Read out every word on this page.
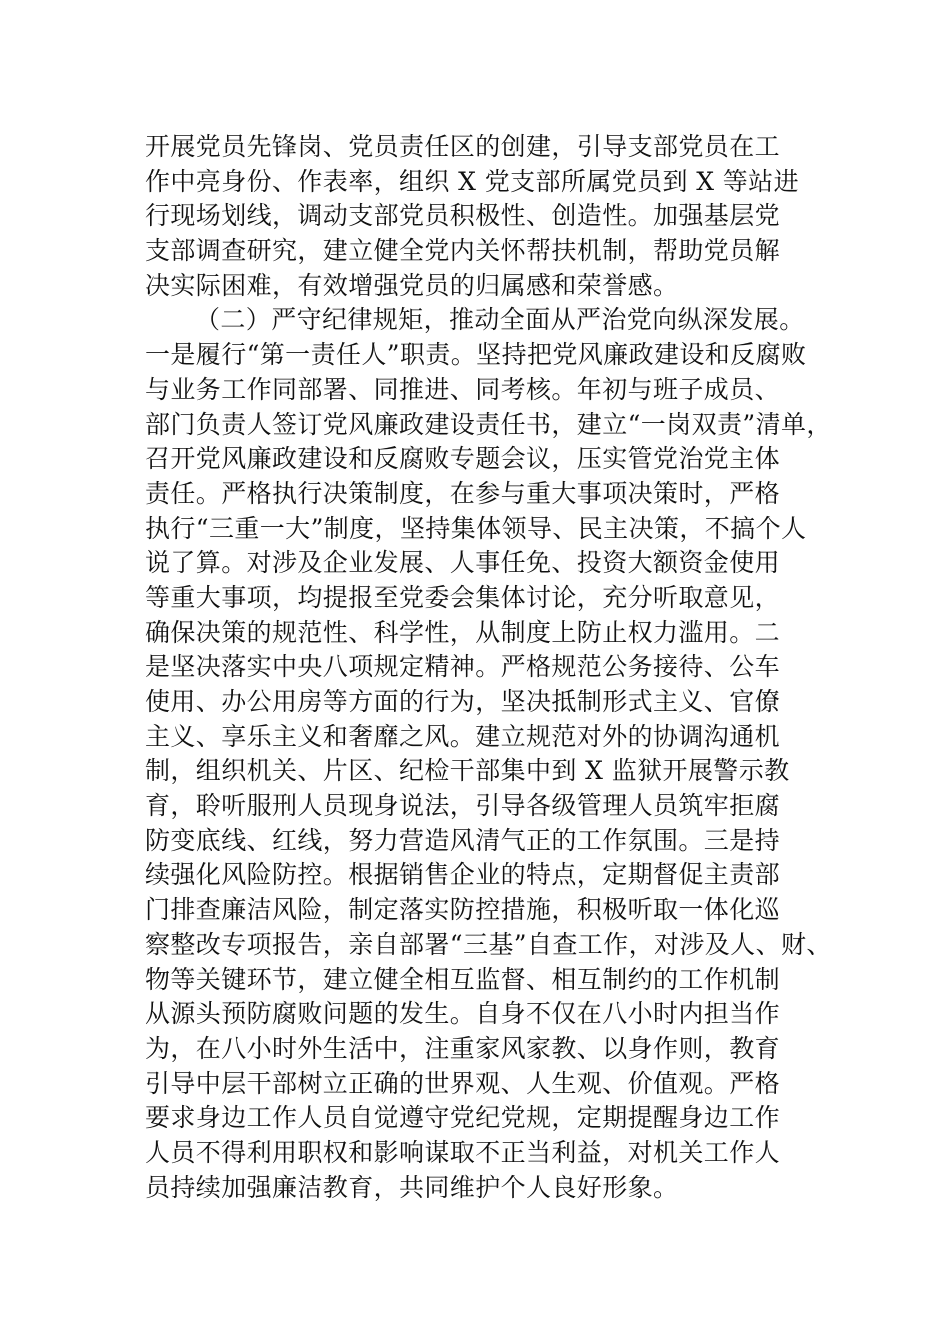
开展党员先锋岗、党员责任区的创建，引导支部党员在工
作中亮身份、作表率，组织 X 党支部所属党员到 X 等站进
行现场划线，调动支部党员积极性、创造性。加强基层党
支部调查研究，建立健全党内关怀帮扶机制，帮助党员解
决实际困难，有效增强党员的归属感和荣誉感。
（二）严守纪律规矩，推动全面从严治党向纵深发展。
一是履行“第一责任人”职责。坚持把党风廉政建设和反腐败
与业务工作同部署、同推进、同考核。年初与班子成员、
部门负责人签订党风廉政建设责任书，建立“一岗双责”清单，
召开党风廉政建设和反腐败专题会议，压实管党治党主体
责任。严格执行决策制度，在参与重大事项决策时，严格
执行“三重一大”制度，坚持集体领导、民主决策，不搞个人
说了算。对涉及企业发展、人事任免、投资大额资金使用
等重大事项，均提报至党委会集体讨论，充分听取意见，
确保决策的规范性、科学性，从制度上防止权力滥用。二
是坚决落实中央八项规定精神。严格规范公务接待、公车
使用、办公用房等方面的行为，坚决抵制形式主义、官僚
主义、享乐主义和奢靡之风。建立规范对外的协调沟通机
制，组织机关、片区、纪检干部集中到 X 监狱开展警示教
育，聆听服刑人员现身说法，引导各级管理人员筑牢拒腐
防变底线、红线，努力营造风清气正的工作氛围。三是持
续强化风险防控。根据销售企业的特点，定期督促主责部
门排查廉洁风险，制定落实防控措施，积极听取一体化巡
察整改专项报告，亲自部署“三基”自查工作，对涉及人、财、
物等关键环节，建立健全相互监督、相互制约的工作机制
从源头预防腐败问题的发生。自身不仅在八小时内担当作
为，在八小时外生活中，注重家风家教、以身作则，教育
引导中层干部树立正确的世界观、人生观、价值观。严格
要求身边工作人员自觉遵守党纪党规，定期提醒身边工作
人员不得利用职权和影响谋取不正当利益，对机关工作人
员持续加强廉洁教育，共同维护个人良好形象。
